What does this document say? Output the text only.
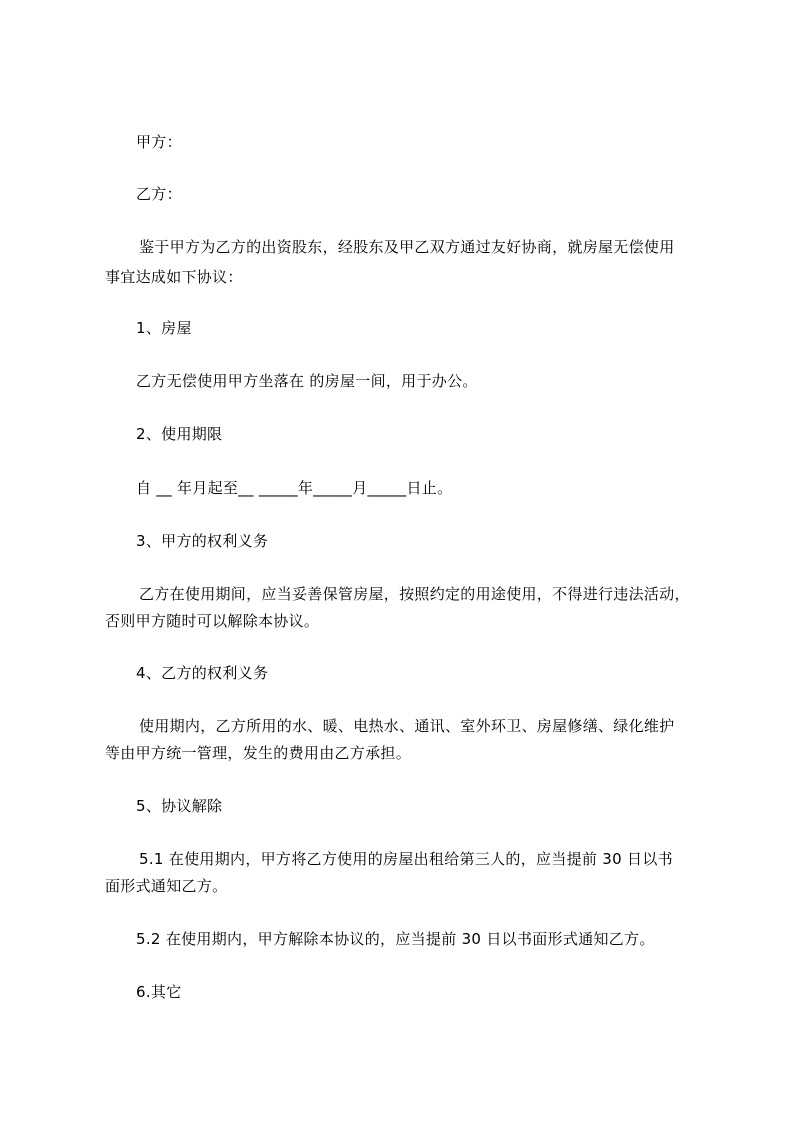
甲方：
乙方：
鉴于甲方为乙方的出资股东，经股东及甲乙双方通过友好协商，就房屋无偿使用
事宜达成如下协议：
1、房屋
乙方无偿使用甲方坐落在 的房屋一间，用于办公。
2、使用期限
自 __ 年月起至__ _____年_____月_____日止。
3、甲方的权利义务
乙方在使用期间，应当妥善保管房屋，按照约定的用途使用，不得进行违法活动，
否则甲方随时可以解除本协议。
4、乙方的权利义务
使用期内，乙方所用的水、暖、电热水、通讯、室外环卫、房屋修缮、绿化维护
等由甲方统一管理，发生的费用由乙方承担。
5、协议解除
5.1 在使用期内，甲方将乙方使用的房屋出租给第三人的，应当提前 30 日以书
面形式通知乙方。
5.2 在使用期内，甲方解除本协议的，应当提前 30 日以书面形式通知乙方。
6.其它
